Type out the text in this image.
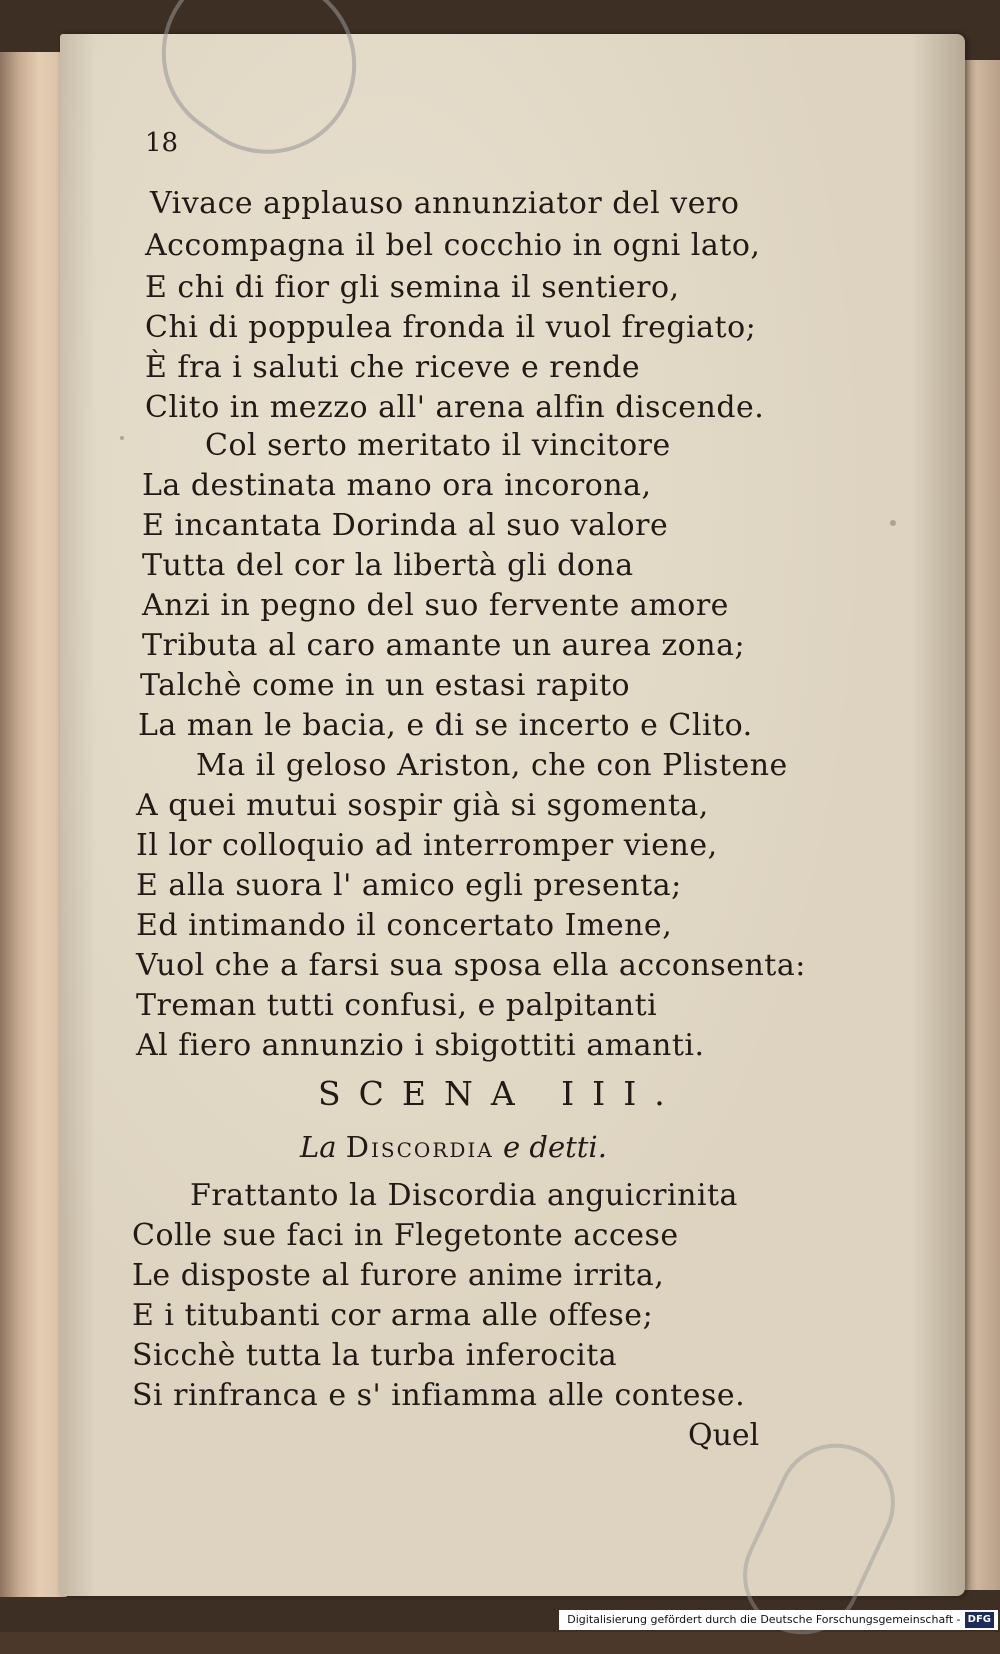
18
Vivace applauso annunziator del vero
Accompagna il bel cocchio in ogni lato,
E chi di fior gli semina il sentiero,
Chi di poppulea fronda il vuol fregiato;
È fra i saluti che riceve e rende
Clito in mezzo all' arena alfin discende.
Col serto meritato il vincitore
La destinata mano ora incorona,
E incantata Dorinda al suo valore
Tutta del cor la libertà gli dona
Anzi in pegno del suo fervente amore
Tributa al caro amante un aurea zona;
Talchè come in un estasi rapito
La man le bacia, e di se incerto e Clito.
Ma il geloso Ariston, che con Plistene
A quei mutui sospir già si sgomenta,
Il lor colloquio ad interromper viene,
E alla suora l' amico egli presenta;
Ed intimando il concertato Imene,
Vuol che a farsi sua sposa ella acconsenta:
Treman tutti confusi, e palpitanti
Al fiero annunzio i sbigottiti amanti.
SCENA III.
La Discordia e detti.
Frattanto la Discordia anguicrinita
Colle sue faci in Flegetonte accese
Le disposte al furore anime irrita,
E i titubanti cor arma alle offese;
Sicchè tutta la turba inferocita
Si rinfranca e s' infiamma alle contese.
Quel
Digitalisierung gefördert durch die Deutsche Forschungsgemeinschaft - DFG
